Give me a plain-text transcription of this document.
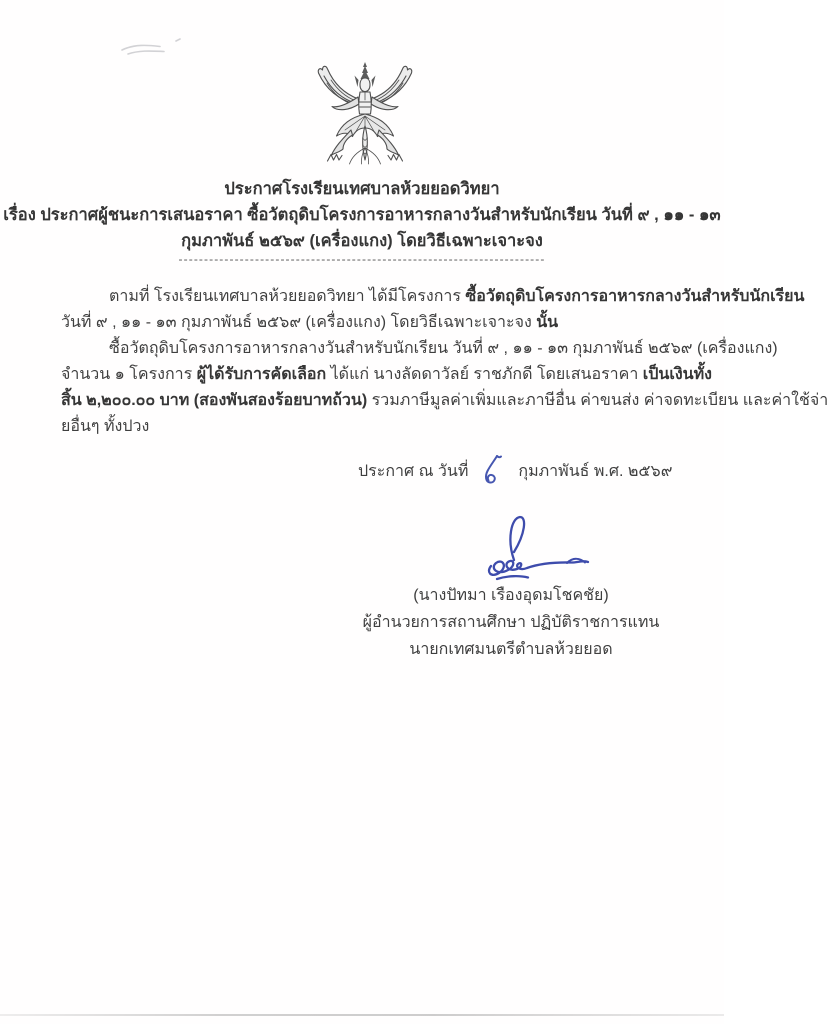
ประกาศโรงเรียนเทศบาลห้วยยอดวิทยา
เรื่อง ประกาศผู้ชนะการเสนอราคา ซื้อวัตถุดิบโครงการอาหารกลางวันสำหรับนักเรียน วันที่ ๙ , ๑๑ - ๑๓
กุมภาพันธ์ ๒๕๖๙ (เครื่องแกง) โดยวิธีเฉพาะเจาะจง
------------------------------------------------------------------------
ตามที่ โรงเรียนเทศบาลห้วยยอดวิทยา ได้มีโครงการ ซื้อวัตถุดิบโครงการอาหารกลางวันสำหรับนักเรียน
วันที่ ๙ , ๑๑ - ๑๓ กุมภาพันธ์ ๒๕๖๙ (เครื่องแกง) โดยวิธีเฉพาะเจาะจง นั้น
ซื้อวัตถุดิบโครงการอาหารกลางวันสำหรับนักเรียน วันที่ ๙ , ๑๑ - ๑๓ กุมภาพันธ์ ๒๕๖๙ (เครื่องแกง)
จำนวน ๑ โครงการ ผู้ได้รับการคัดเลือก ได้แก่ นางลัดดาวัลย์ ราชภักดี โดยเสนอราคา เป็นเงินทั้ง
สิ้น ๒,๒๐๐.๐๐ บาท (สองพันสองร้อยบาทถ้วน) รวมภาษีมูลค่าเพิ่มและภาษีอื่น ค่าขนส่ง ค่าจดทะเบียน และค่าใช้จ่า
ยอื่นๆ ทั้งปวง
ประกาศ ณ วันที่	กุมภาพันธ์ พ.ศ. ๒๕๖๙
(นางปัทมา เรืองอุดมโชคชัย)
ผู้อำนวยการสถานศึกษา ปฏิบัติราชการแทน
นายกเทศมนตรีตำบลห้วยยอด
